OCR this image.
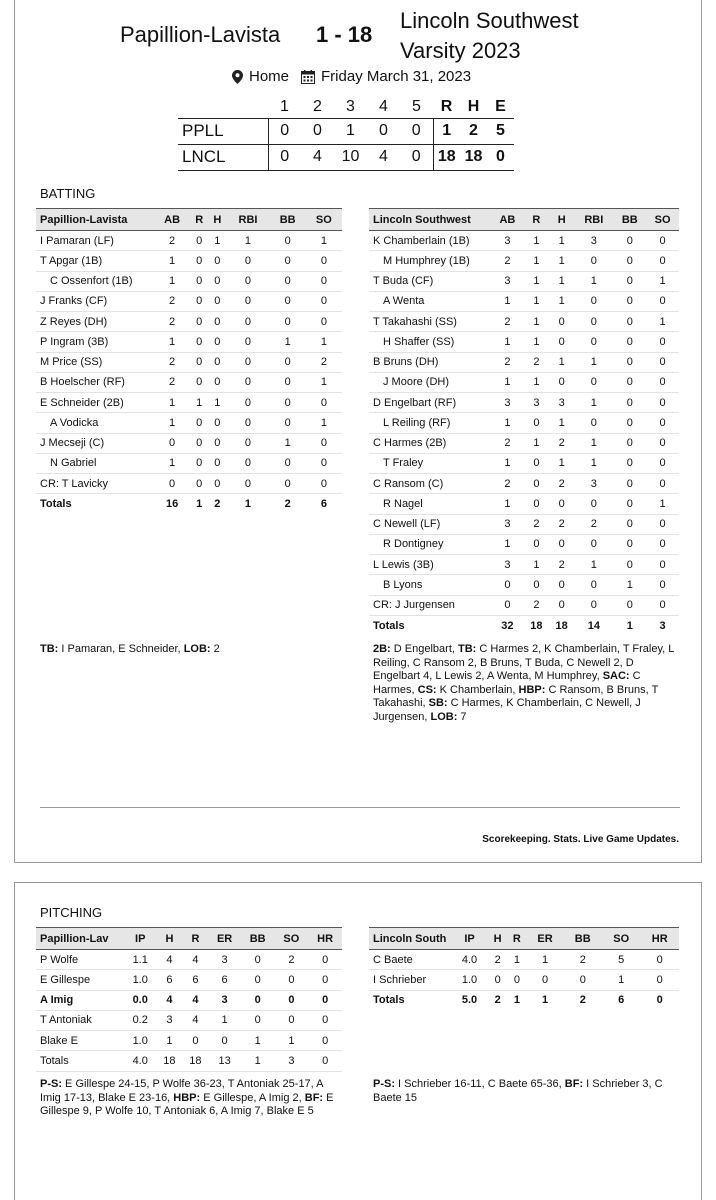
Papillion-Lavista 1 - 18
Lincoln Southwest
Varsity 2023
Home Friday March 31, 2023
	1	2	3	4	5	R	H	E
PPLL	0	0	1	0	0	1	2	5
LNCL	0	4	10	4	0	18	18	0
BATTING
Papillion-Lavista	AB	R	H	RBI	BB	SO
I Pamaran (LF)	2	0	1	1	0	1
T Apgar (1B)	1	0	0	0	0	0
C Ossenfort (1B)	1	0	0	0	0	0
J Franks (CF)	2	0	0	0	0	0
Z Reyes (DH)	2	0	0	0	0	0
P Ingram (3B)	1	0	0	0	1	1
M Price (SS)	2	0	0	0	0	2
B Hoelscher (RF)	2	0	0	0	0	1
E Schneider (2B)	1	1	1	0	0	0
A Vodicka	1	0	0	0	0	1
J Mecseji (C)	0	0	0	0	1	0
N Gabriel	1	0	0	0	0	0
CR: T Lavicky	0	0	0	0	0	0
Totals	16	1	2	1	2	6
Lincoln Southwest	AB	R	H	RBI	BB	SO
K Chamberlain (1B)	3	1	1	3	0	0
M Humphrey (1B)	2	1	1	0	0	0
T Buda (CF)	3	1	1	1	0	1
A Wenta	1	1	1	0	0	0
T Takahashi (SS)	2	1	0	0	0	1
H Shaffer (SS)	1	1	0	0	0	0
B Bruns (DH)	2	2	1	1	0	0
J Moore (DH)	1	1	0	0	0	0
D Engelbart (RF)	3	3	3	1	0	0
L Reiling (RF)	1	0	1	0	0	0
C Harmes (2B)	2	1	2	1	0	0
T Fraley	1	0	1	1	0	0
C Ransom (C)	2	0	2	3	0	0
R Nagel	1	0	0	0	0	1
C Newell (LF)	3	2	2	2	0	0
R Dontigney	1	0	0	0	0	0
L Lewis (3B)	3	1	2	1	0	0
B Lyons	0	0	0	0	1	0
CR: J Jurgensen	0	2	0	0	0	0
Totals	32	18	18	14	1	3
TB: I Pamaran, E Schneider, LOB: 2	2B: D Engelbart, TB: C Harmes 2, K Chamberlain, T Fraley, L Reiling, C Ransom 2, B Bruns, T Buda, C Newell 2, D Engelbart 4, L Lewis 2, A Wenta, M Humphrey, SAC: C Harmes, CS: K Chamberlain, HBP: C Ransom, B Bruns, T Takahashi, SB: C Harmes, K Chamberlain, C Newell, J Jurgensen, LOB: 7
Scorekeeping. Stats. Live Game Updates.
PITCHING
Papillion-Lav	IP	H	R	ER	BB	SO	HR
P Wolfe	1.1	4	4	3	0	2	0
E Gillespe	1.0	6	6	6	0	0	0
A Imig	0.0	4	4	3	0	0	0
T Antoniak	0.2	3	4	1	0	0	0
Blake E	1.0	1	0	0	1	1	0
Totals	4.0	18	18	13	1	3	0
Lincoln South	IP	H	R	ER	BB	SO	HR
C Baete	4.0	2	1	1	2	5	0
I Schrieber	1.0	0	0	0	0	1	0
Totals	5.0	2	1	1	2	6	0
P-S: E Gillespe 24-15, P Wolfe 36-23, T Antoniak 25-17, A Imig 17-13, Blake E 23-16, HBP: E Gillespe, A Imig 2, BF: E Gillespe 9, P Wolfe 10, T Antoniak 6, A Imig 7, Blake E 5
P-S: I Schrieber 16-11, C Baete 65-36, BF: I Schrieber 3, C Baete 15
